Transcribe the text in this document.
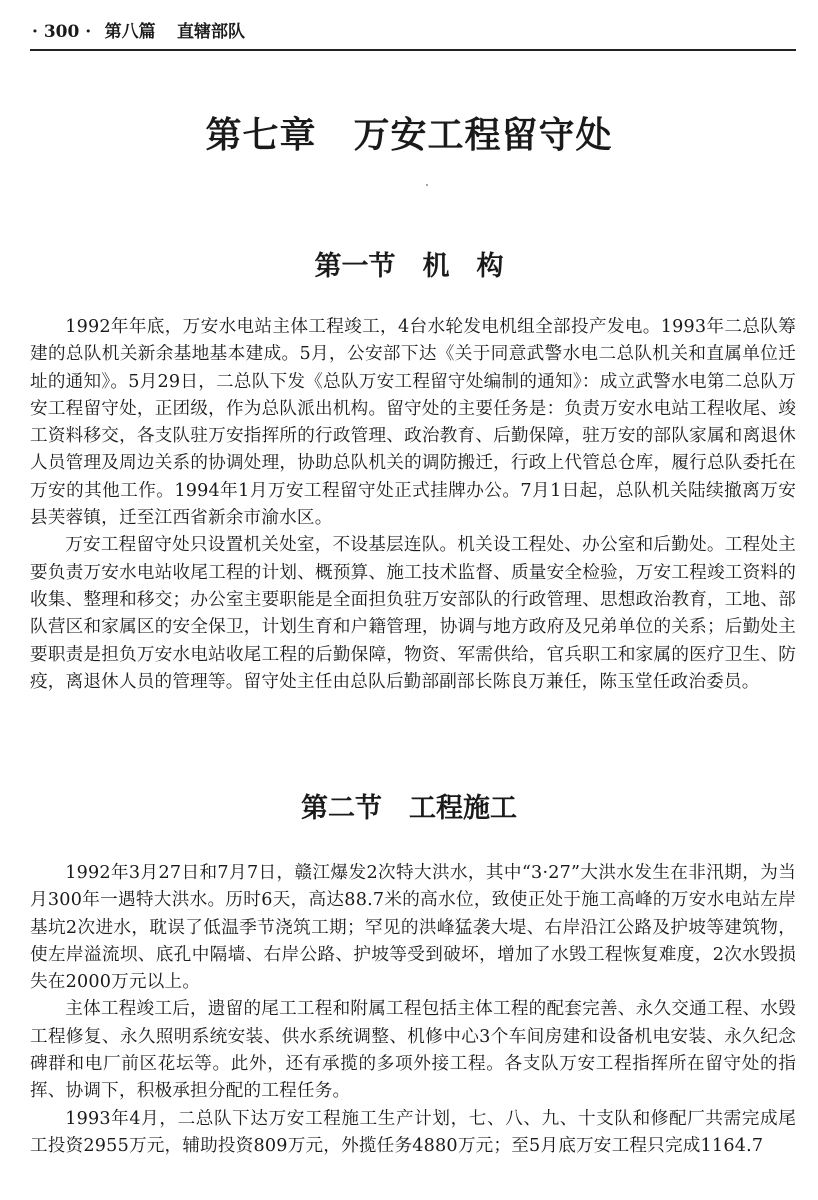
· 300 · 第八篇 直辖部队
第七章　万安工程留守处
第一节　机　构

1992年年底，万安水电站主体工程竣工，4台水轮发电机组全部投产发电。1993年二总队筹建的总队机关新余基地基本建成。5月，公安部下达《关于同意武警水电二总队机关和直属单位迁址的通知》。5月29日，二总队下发《总队万安工程留守处编制的通知》：成立武警水电第二总队万安工程留守处，正团级，作为总队派出机构。留守处的主要任务是：负责万安水电站工程收尾、竣工资料移交，各支队驻万安指挥所的行政管理、政治教育、后勤保障，驻万安的部队家属和离退休人员管理及周边关系的协调处理，协助总队机关的调防搬迁，行政上代管总仓库，履行总队委托在万安的其他工作。1994年1月万安工程留守处正式挂牌办公。7月1日起，总队机关陆续撤离万安县芙蓉镇，迁至江西省新余市渝水区。

万安工程留守处只设置机关处室，不设基层连队。机关设工程处、办公室和后勤处。工程处主要负责万安水电站收尾工程的计划、概预算、施工技术监督、质量安全检验，万安工程竣工资料的收集、整理和移交；办公室主要职能是全面担负驻万安部队的行政管理、思想政治教育，工地、部队营区和家属区的安全保卫，计划生育和户籍管理，协调与地方政府及兄弟单位的关系；后勤处主要职责是担负万安水电站收尾工程的后勤保障，物资、军需供给，官兵职工和家属的医疗卫生、防疫，离退休人员的管理等。留守处主任由总队后勤部副部长陈良万兼任，陈玉堂任政治委员。

第二节　工程施工

1992年3月27日和7月7日，赣江爆发2次特大洪水，其中“3·27”大洪水发生在非汛期，为当月300年一遇特大洪水。历时6天，高达88.7米的高水位，致使正处于施工高峰的万安水电站左岸基坑2次进水，耽误了低温季节浇筑工期；罕见的洪峰猛袭大堤、右岸沿江公路及护坡等建筑物，使左岸溢流坝、底孔中隔墙、右岸公路、护坡等受到破坏，增加了水毁工程恢复难度，2次水毁损失在2000万元以上。

主体工程竣工后，遗留的尾工工程和附属工程包括主体工程的配套完善、永久交通工程、水毁工程修复、永久照明系统安装、供水系统调整、机修中心3个车间房建和设备机电安装、永久纪念碑群和电厂前区花坛等。此外，还有承揽的多项外接工程。各支队万安工程指挥所在留守处的指挥、协调下，积极承担分配的工程任务。

1993年4月，二总队下达万安工程施工生产计划，七、八、九、十支队和修配厂共需完成尾工投资2955万元，辅助投资809万元，外揽任务4880万元；至5月底万安工程只完成1164.7
